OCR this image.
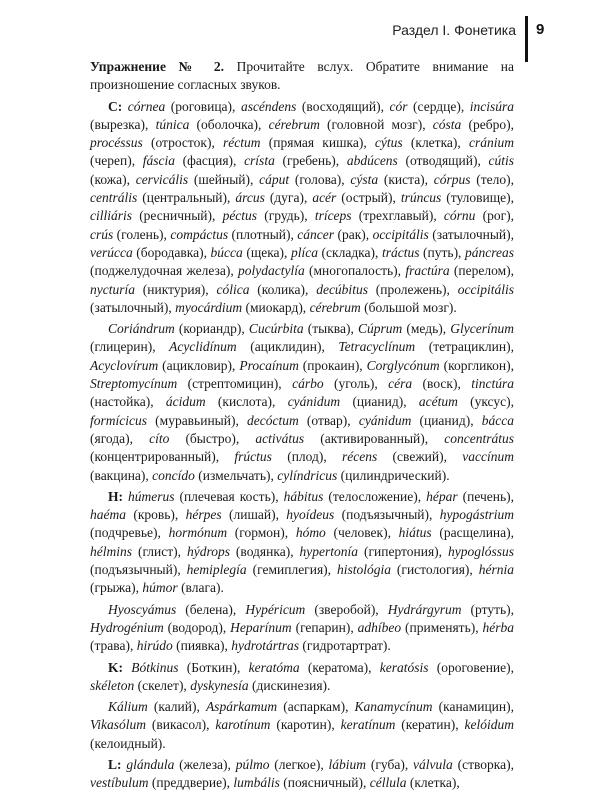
Раздел I. Фонетика 9

Упражнение № 2. Прочитайте вслух. Обратите внимание на произношение согласных звуков.

C: córnea (роговица), ascéndens (восходящий), cór (сердце), incisúra (вырезка), túnica (оболочка), cérebrum (головной мозг), cósta (ребро), procéssus (отросток), réctum (прямая кишка), cýtus (клетка), cránium (череп), fáscia (фасция), crísta (гребень), abdúcens (отводящий), cútis (кожа), cervicális (шейный), cáput (голова), cýsta (киста), córpus (тело), centrális (центральный), árcus (дуга), acér (острый), trúncus (туловище), cilliáris (ресничный), péctus (грудь), tríceps (трехглавый), córnu (рог), crús (голень), compáctus (плотный), cáncer (рак), occipitális (затылочный), verúcca (бородавка), búcca (щека), plíca (складка), tráctus (путь), páncreas (поджелудочная железа), polydactylía (многопалость), fractúra (перелом), nycturía (никтурия), cólica (колика), decúbitus (пролежень), occipitális (затылочный), myocárdium (миокард), cérebrum (большой мозг).

Coriándrum (кориандр), Cucúrbita (тыква), Cúprum (медь), Glycerínum (глицерин), Acyclidínum (ациклидин), Tetracyclínum (тетрациклин), Acyclovírum (ацикловир), Procaínum (прокаин), Corglycónum (коргликон), Streptomycínum (стрептомицин), cárbo (уголь), céra (воск), tinctúra (настойка), ácidum (кислота), cyánidum (цианид), acétum (уксус), formícicus (муравьиный), decóctum (отвар), cyánidum (цианид), bácca (ягода), cíto (быстро), activátus (активированный), concentrátus (концентрированный), frúctus (плод), récens (свежий), vaccínum (вакцина), concído (измельчать), cylíndricus (цилиндрический).

H: húmerus (плечевая кость), hábitus (телосложение), hépar (печень), haéma (кровь), hérpes (лишай), hyoídeus (подъязычный), hypogástrium (подчревье), hormónum (гормон), hómo (человек), hiátus (расщелина), hélmins (глист), hýdrops (водянка), hypertonía (гипертония), hypoglóssus (подъязычный), hemiplegía (гемиплегия), histológia (гистология), hérnia (грыжа), húmor (влага).

Hyoscyámus (белена), Hypéricum (зверобой), Hydrárgyrum (ртуть), Hydrogénium (водород), Heparínum (гепарин), adhíbeo (применять), hérba (трава), hirúdo (пиявка), hydrotártras (гидротартрат).

K: Bótkinus (Боткин), keratóma (кератома), keratósis (ороговение), skéleton (скелет), dyskynesía (дискинезия).

Kálium (калий), Aspárkamum (аспаркам), Kanamycínum (канамицин), Vikasólum (викасол), karotínum (каротин), keratínum (кератин), kelóidum (келоидный).

L: glándula (железа), púlmo (легкое), lábium (губа), válvula (створка), vestíbulum (преддверие), lumbális (поясничный), céllula (клетка),
